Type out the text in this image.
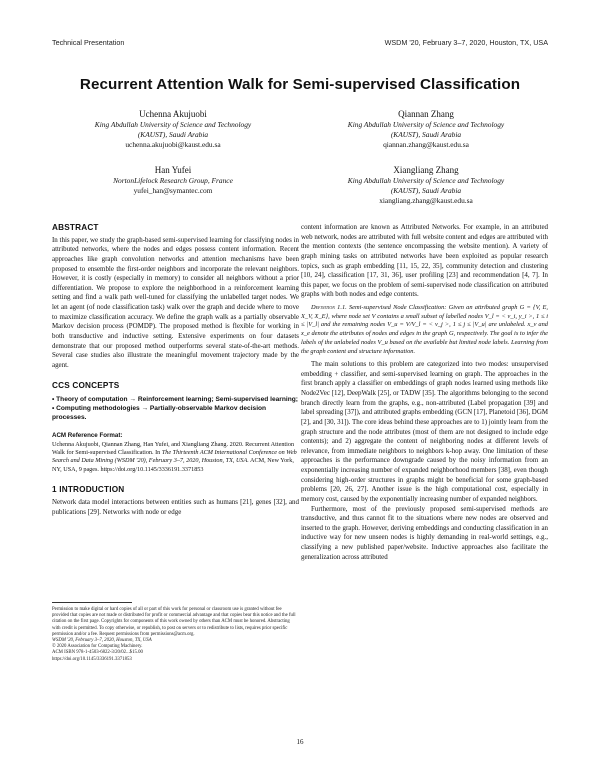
Technical Presentation	WSDM '20, February 3–7, 2020, Houston, TX, USA
Recurrent Attention Walk for Semi-supervised Classification
Uchenna Akujuobi
King Abdullah University of Science and Technology
(KAUST), Saudi Arabia
uchenna.akujuobi@kaust.edu.sa
Qiannan Zhang
King Abdullah University of Science and Technology
(KAUST), Saudi Arabia
qiannan.zhang@kaust.edu.sa
Han Yufei
NortonLifelock Research Group, France
yufei_han@symantec.com
Xiangliang Zhang
King Abdullah University of Science and Technology
(KAUST), Saudi Arabia
xiangliang.zhang@kaust.edu.sa

ABSTRACT

In this paper, we study the graph-based semi-supervised learning for classifying nodes in attributed networks, where the nodes and edges possess content information. Recent approaches like graph convolution networks and attention mechanisms have been proposed to ensemble the first-order neighbors and incorporate the relevant neighbors. However, it is costly (especially in memory) to consider all neighbors without a prior differentiation. We propose to explore the neighborhood in a reinforcement learning setting and find a walk path well-tuned for classifying the unlabelled target nodes. We let an agent (of node classification task) walk over the graph and decide where to move to maximize classification accuracy. We define the graph walk as a partially observable Markov decision process (POMDP). The proposed method is flexible for working in both transductive and inductive setting. Extensive experiments on four datasets demonstrate that our proposed method outperforms several state-of-the-art methods. Several case studies also illustrate the meaningful movement trajectory made by the agent.

CCS CONCEPTS

• Theory of computation → Reinforcement learning; Semi-supervised learning; • Computing methodologies → Partially-observable Markov decision processes.

ACM Reference Format:

Uchenna Akujuobi, Qiannan Zhang, Han Yufei, and Xiangliang Zhang. 2020. Recurrent Attention Walk for Semi-supervised Classification. In The Thirteenth ACM International Conference on Web Search and Data Mining (WSDM '20), February 3–7, 2020, Houston, TX, USA. ACM, New York, NY, USA, 9 pages. https://doi.org/10.1145/3336191.3371853

1 INTRODUCTION

Network data model interactions between entities such as humans [21], genes [32], and publications [29]. Networks with node or edge

Permission to make digital or hard copies of all or part of this work for personal or classroom use is granted without fee provided that copies are not made or distributed for profit or commercial advantage and that copies bear this notice and the full citation on the first page. Copyrights for components of this work owned by others than ACM must be honored. Abstracting with credit is permitted. To copy otherwise, or republish, to post on servers or to redistribute to lists, requires prior specific permission and/or a fee. Request permissions from permissions@acm.org.

WSDM '20, February 3–7, 2020, Houston, TX, USA

© 2020 Association for Computing Machinery.

ACM ISBN 978-1-4503-6822-3/20/02...$15.00

https://doi.org/10.1145/3336191.3371853

content information are known as Attributed Networks. For example, in an attributed web network, nodes are attributed with full website content and edges are attributed with the mention contexts (the sentence encompassing the website mention). A variety of graph mining tasks on attributed networks have been exploited as popular research topics, such as graph embedding [11, 15, 22, 35], community detection and clustering [10, 24], classification [17, 31, 36], user profiling [23] and recommendation [4, 7]. In this paper, we focus on the problem of semi-supervised node classification on attributed graphs with both nodes and edge contents.

Definition 1.1. Semi-supervised Node Classification: Given an attributed graph G = {V, E, X_V, X_E}, where node set V contains a small subset of labelled nodes V_l = < v_i, y_i >, 1 ≤ i ≤ |V_l| and the remaining nodes V_u = V/V_l = < v_j >, 1 ≤ j ≤ |V_u| are unlabeled. x_v and x_e denote the attributes of nodes and edges in the graph G, respectively. The goal is to infer the labels of the unlabeled nodes V_u based on the available but limited node labels. Learning from the graph content and structure information.

The main solutions to this problem are categorized into two modes: unsupervised embedding + classifier, and semi-supervised learning on graph. The approaches in the first branch apply a classifier on embeddings of graph nodes learned using methods like Node2Vec [12], DeepWalk [25], or TADW [35]. The algorithms belonging to the second branch directly learn from the graphs, e.g., non-attributed (Label propagation [39] and label spreading [37]), and attributed graphs embedding (GCN [17], Planetoid [36], DGM [2], and [30, 31]). The core ideas behind these approaches are to 1) jointly learn from the graph structure and the node attributes (most of them are not designed to include edge contents); and 2) aggregate the content of neighboring nodes at different levels of relevance, from immediate neighbors to neighbors k-hop away. One limitation of these approaches is the performance downgrade caused by the noisy information from an exponentially increasing number of expanded neighborhood members [38], even though considering high-order structures in graphs might be beneficial for some graph-based problems [20, 26, 27]. Another issue is the high computational cost, especially in memory cost, caused by the exponentially increasing number of expanded neighbors.

Furthermore, most of the previously proposed semi-supervised methods are transductive, and thus cannot fit to the situations where new nodes are observed and inserted to the graph. However, deriving embeddings and conducting classification in an inductive way for new unseen nodes is highly demanding in real-world settings, e.g., classifying a new published paper/website. Inductive approaches also facilitate the generalization across attributed

16
